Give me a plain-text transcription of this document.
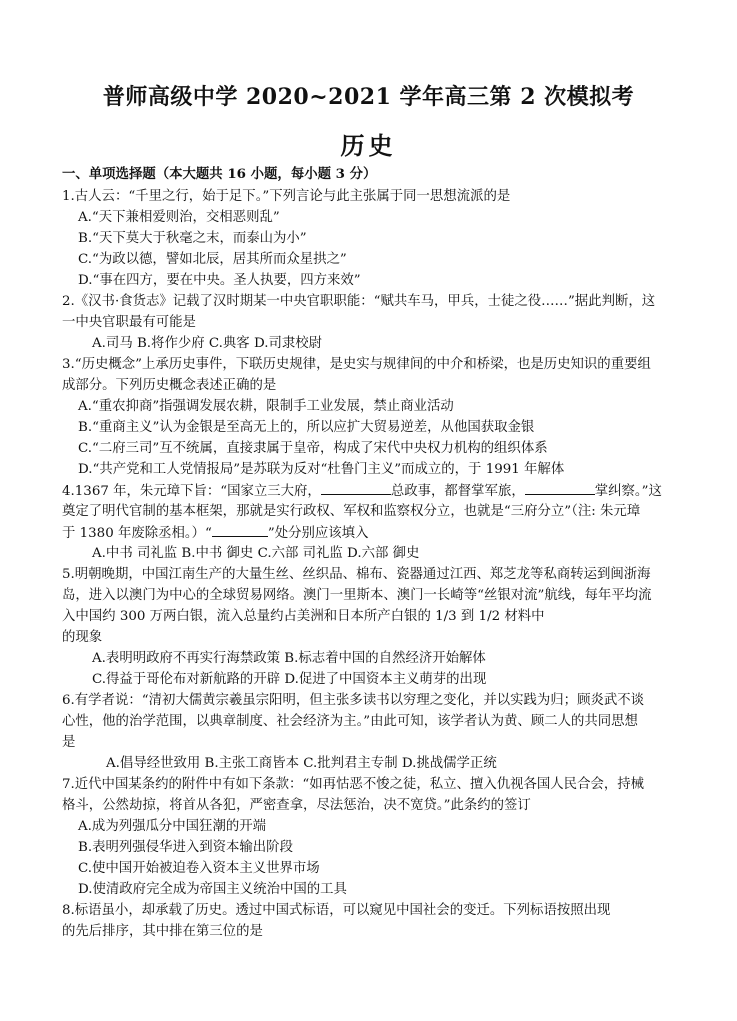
普师高级中学 2020~2021 学年高三第 2 次模拟考
历史
一、单项选择题（本大题共 16 小题，每小题 3 分）
1.古人云：“千里之行，始于足下。”下列言论与此主张属于同一思想流派的是
A.“天下兼相爱则治，交相恶则乱”
B.“天下莫大于秋毫之末，而泰山为小”
C.“为政以德，譬如北辰，居其所而众星拱之”
D.“事在四方，要在中央。圣人执要，四方来效”
2.《汉书·食货志》记载了汉时期某一中央官职职能：“赋共车马，甲兵，士徒之役……”据此判断，这
一中央官职最有可能是
A.司马 B.将作少府 C.典客 D.司隶校尉
3.“历史概念”上承历史事件，下联历史规律，是史实与规律间的中介和桥梁，也是历史知识的重要组
成部分。下列历史概念表述正确的是
A.“重农抑商”指强调发展农耕，限制手工业发展，禁止商业活动
B.“重商主义”认为金银是至高无上的，所以应扩大贸易逆差，从他国获取金银
C.“二府三司”互不统属，直接隶属于皇帝，构成了宋代中央权力机构的组织体系
D.“共产党和工人党情报局”是苏联为反对“杜鲁门主义”而成立的，于 1991 年解体
4.1367 年，朱元璋下旨：“国家立三大府，	总政事，都督掌军旅，	掌纠察。”这
奠定了明代官制的基本框架，那就是实行政权、军权和监察权分立，也就是“三府分立”（注: 朱元璋
于 1380 年废除丞相。）“	”处分别应该填入
A.中书 司礼监 B.中书 御史 C.六部 司礼监 D.六部 御史
5.明朝晚期，中国江南生产的大量生丝、丝织品、棉布、瓷器通过江西、郑芝龙等私商转运到闽浙海
岛，进入以澳门为中心的全球贸易网络。澳门一里斯本、澳门一长崎等“丝银对流”航线，每年平均流
入中国约 300 万两白银，流入总量约占美洲和日本所产白银的 1/3 到 1/2 材料中
的现象
A.表明明政府不再实行海禁政策 B.标志着中国的自然经济开始解体
C.得益于哥伦布对新航路的开辟 D.促进了中国资本主义萌芽的出现
6.有学者说：“清初大儒黄宗羲虽宗阳明，但主张多读书以穷理之变化，并以实践为归；顾炎武不谈
心性，他的治学范围，以典章制度、社会经济为主。”由此可知，该学者认为黄、顾二人的共同思想
是
A.倡导经世致用 B.主张工商皆本 C.批判君主专制 D.挑战儒学正统
7.近代中国某条约的附件中有如下条款：“如再怙恶不悛之徒，私立、擅入仇视各国人民合会，持械
格斗，公然劫掠，将首从各犯，严密查拿，尽法惩治，决不宽贷。”此条约的签订
A.成为列强瓜分中国狂潮的开端
B.表明列强侵华进入到资本输出阶段
C.使中国开始被迫卷入资本主义世界市场
D.使清政府完全成为帝国主义统治中国的工具
8.标语虽小，却承载了历史。透过中国式标语，可以窥见中国社会的变迁。下列标语按照出现
的先后排序，其中排在第三位的是
